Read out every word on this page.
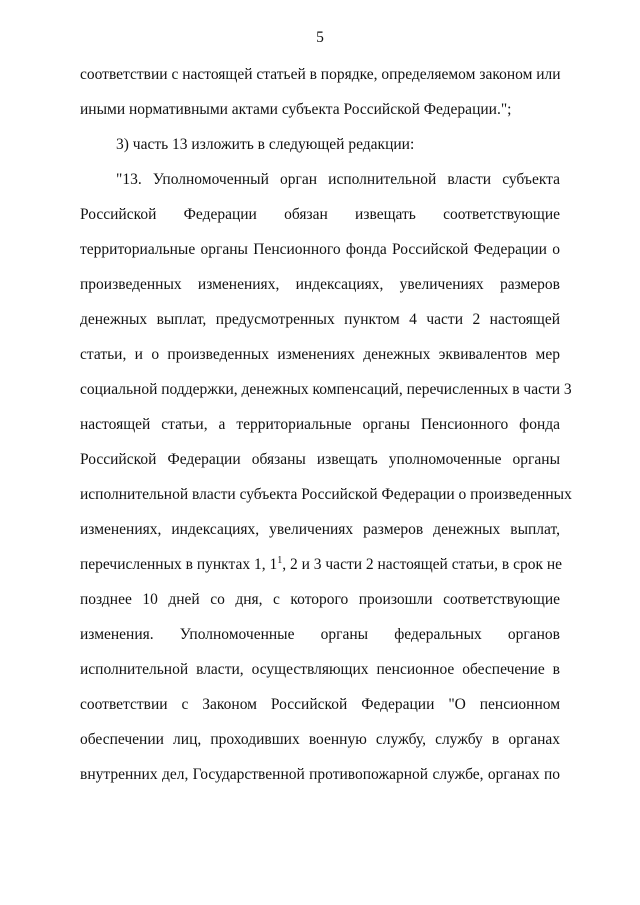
5
соответствии с настоящей статьей в порядке, определяемом законом или
иными нормативными актами субъекта Российской Федерации.";
3) часть 13 изложить в следующей редакции:
"13. Уполномоченный орган исполнительной власти субъекта
Российской Федерации обязан извещать соответствующие
территориальные органы Пенсионного фонда Российской Федерации о
произведенных изменениях, индексациях, увеличениях размеров
денежных выплат, предусмотренных пунктом 4 части 2 настоящей
статьи, и о произведенных изменениях денежных эквивалентов мер
социальной поддержки, денежных компенсаций, перечисленных в части 3
настоящей статьи, а территориальные органы Пенсионного фонда
Российской Федерации обязаны извещать уполномоченные органы
исполнительной власти субъекта Российской Федерации о произведенных
изменениях, индексациях, увеличениях размеров денежных выплат,
перечисленных в пунктах 1, $1^1$, 2 и 3 части 2 настоящей статьи, в срок не
позднее 10 дней со дня, с которого произошли соответствующие
изменения. Уполномоченные органы федеральных органов
исполнительной власти, осуществляющих пенсионное обеспечение в
соответствии с Законом Российской Федерации "О пенсионном
обеспечении лиц, проходивших военную службу, службу в органах
внутренних дел, Государственной противопожарной службе, органах по
